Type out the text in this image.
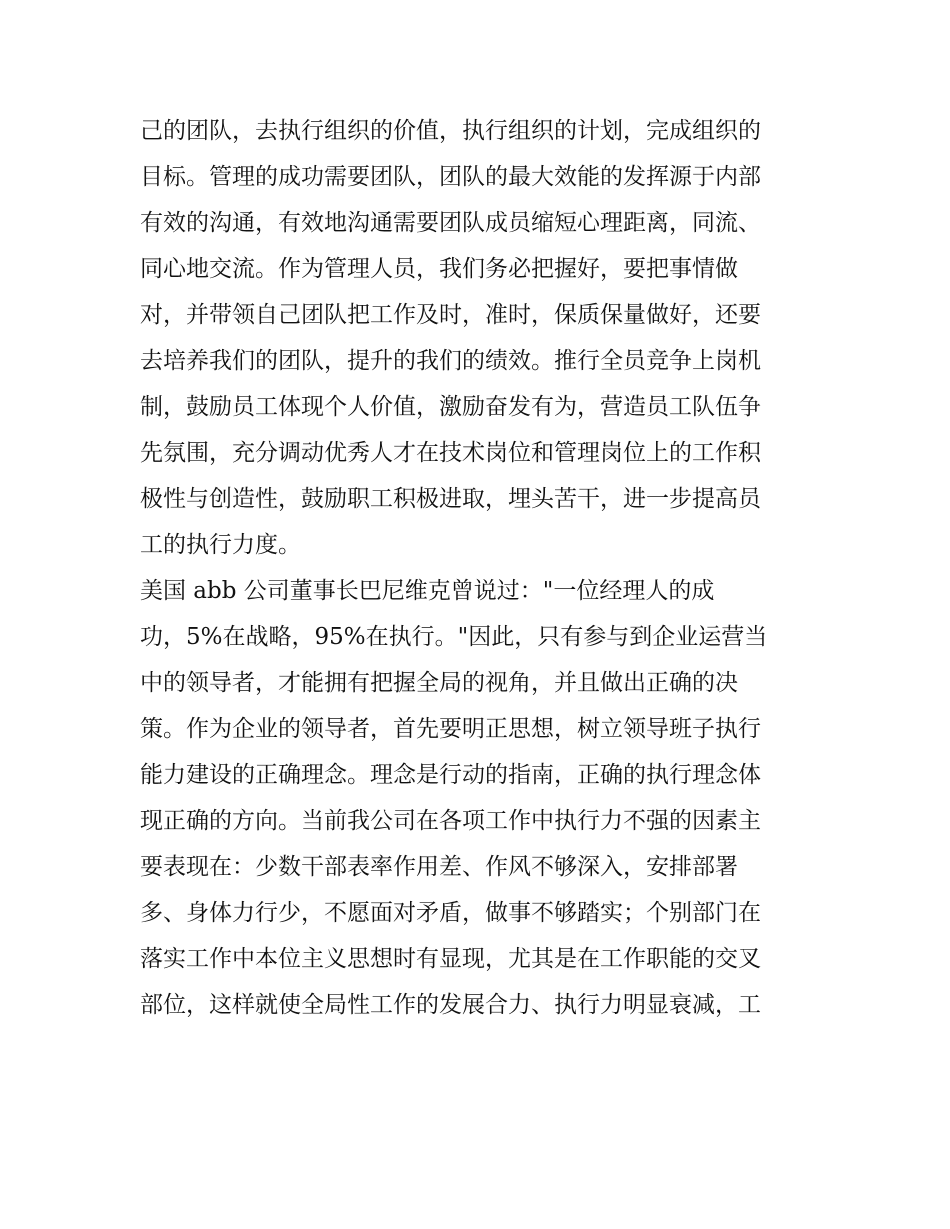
己的团队，去执行组织的价值，执行组织的计划，完成组织的
目标。管理的成功需要团队，团队的最大效能的发挥源于内部
有效的沟通，有效地沟通需要团队成员缩短心理距离，同流、
同心地交流。作为管理人员，我们务必把握好，要把事情做
对，并带领自己团队把工作及时，准时，保质保量做好，还要
去培养我们的团队，提升的我们的绩效。推行全员竞争上岗机
制，鼓励员工体现个人价值，激励奋发有为，营造员工队伍争
先氛围，充分调动优秀人才在技术岗位和管理岗位上的工作积
极性与创造性，鼓励职工积极进取，埋头苦干，进一步提高员
工的执行力度。
美国 abb 公司董事长巴尼维克曾说过："一位经理人的成
功，5%在战略，95%在执行。"因此，只有参与到企业运营当
中的领导者，才能拥有把握全局的视角，并且做出正确的决
策。作为企业的领导者，首先要明正思想，树立领导班子执行
能力建设的正确理念。理念是行动的指南，正确的执行理念体
现正确的方向。当前我公司在各项工作中执行力不强的因素主
要表现在：少数干部表率作用差、作风不够深入，安排部署
多、身体力行少，不愿面对矛盾，做事不够踏实；个别部门在
落实工作中本位主义思想时有显现，尤其是在工作职能的交叉
部位，这样就使全局性工作的发展合力、执行力明显衰减，工
